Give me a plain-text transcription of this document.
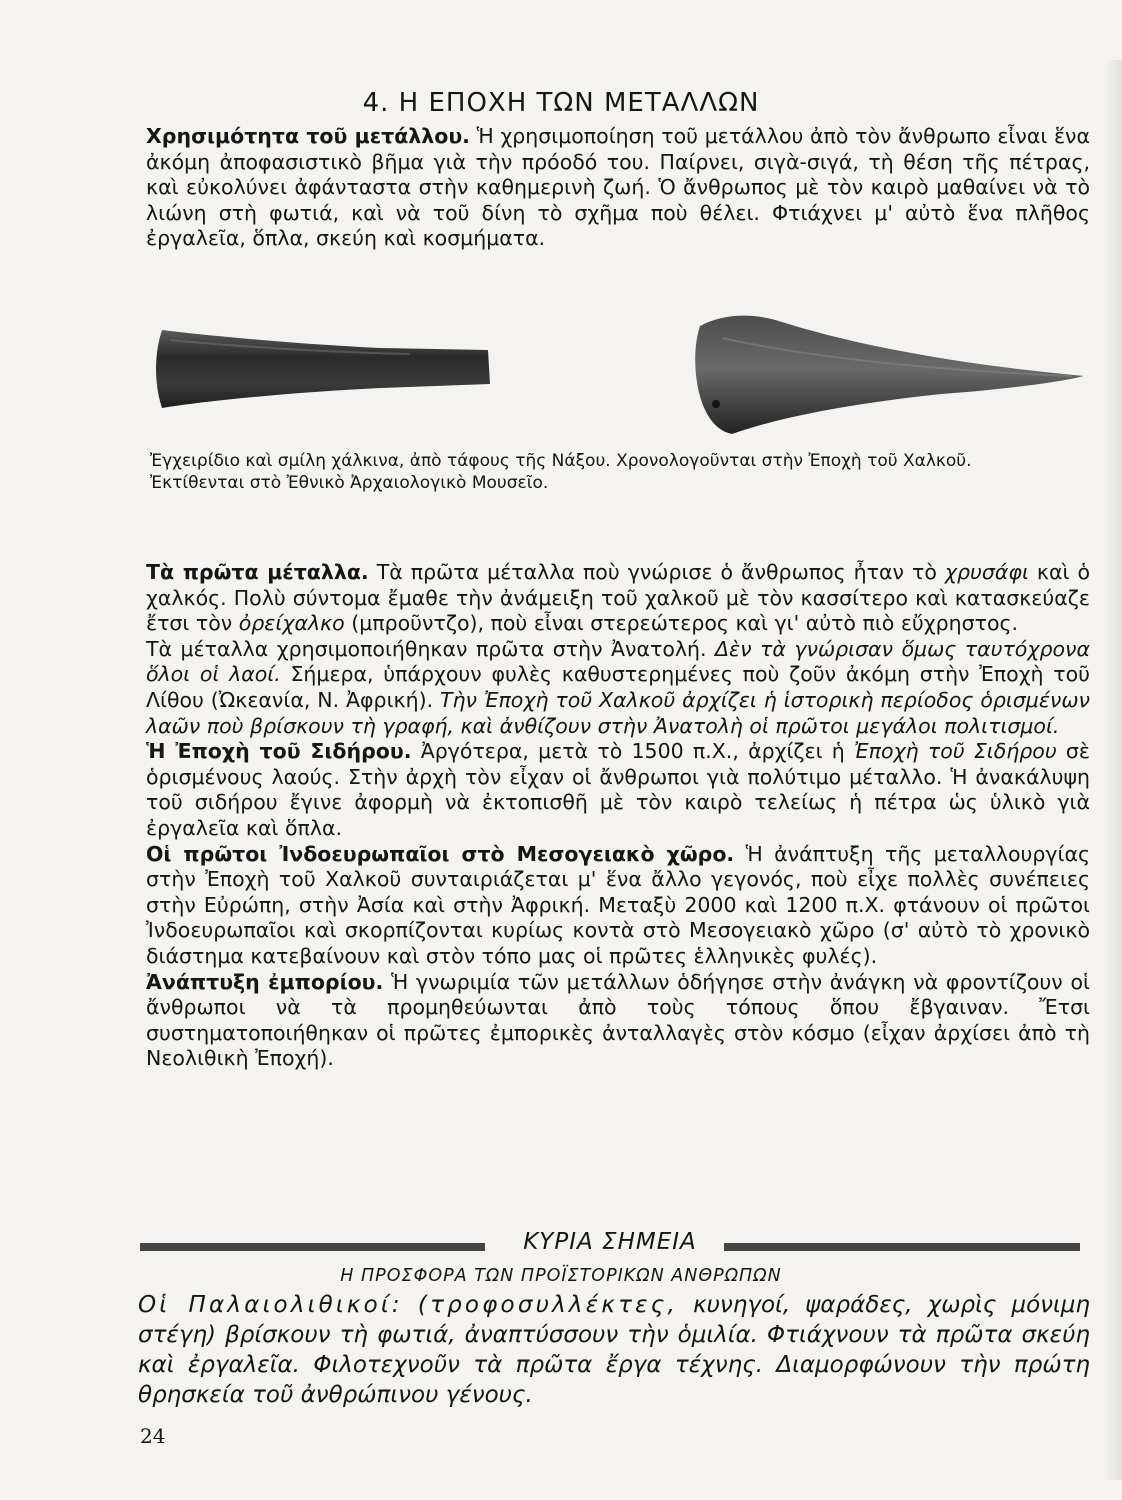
4. Η ΕΠΟΧΗ ΤΩΝ ΜΕΤΑΛΛΩΝ

Χρησιμότητα τοῦ μετάλλου. Ἡ χρησιμοποίηση τοῦ μετάλλου ἀπὸ τὸν ἄνθρωπο εἶναι ἕνα ἀκόμη ἀποφασιστικὸ βῆμα γιὰ τὴν πρόοδό του. Παίρνει, σιγὰ-σιγά, τὴ θέση τῆς πέτρας, καὶ εὐκολύνει ἀφάνταστα στὴν καθημερινὴ ζωή. Ὁ ἄνθρωπος μὲ τὸν καιρὸ μαθαίνει νὰ τὸ λιώνη στὴ φωτιά, καὶ νὰ τοῦ δίνη τὸ σχῆμα ποὺ θέλει. Φτιάχνει μ' αὐτὸ ἕνα πλῆθος ἐργαλεῖα, ὅπλα, σκεύη καὶ κοσμήματα.

Ἐγχειρίδιο καὶ σμίλη χάλκινα, ἀπὸ τάφους τῆς Νάξου. Χρονολογοῦνται στὴν Ἐποχὴ τοῦ Χαλκοῦ.
Ἐκτίθενται στὸ Ἐθνικὸ Ἀρχαιολογικὸ Μουσεῖο.

Τὰ πρῶτα μέταλλα. Τὰ πρῶτα μέταλλα ποὺ γνώρισε ὁ ἄνθρωπος ἦταν τὸ χρυσάφι καὶ ὁ χαλκός. Πολὺ σύντομα ἔμαθε τὴν ἀνάμειξη τοῦ χαλκοῦ μὲ τὸν κασσίτερο καὶ κατασκεύαζε ἔτσι τὸν ὀρείχαλκο (μπροῦντζο), ποὺ εἶναι στερεώτερος καὶ γι' αὐτὸ πιὸ εὔχρηστος.

Τὰ μέταλλα χρησιμοποιήθηκαν πρῶτα στὴν Ἀνατολή. Δὲν τὰ γνώρισαν ὅμως ταυτόχρονα ὅλοι οἱ λαοί. Σήμερα, ὑπάρχουν φυλὲς καθυστερημένες ποὺ ζοῦν ἀκόμη στὴν Ἐποχὴ τοῦ Λίθου (Ὠκεανία, Ν. Ἀφρική). Τὴν Ἐποχὴ τοῦ Χαλκοῦ ἀρχίζει ἡ ἱστορικὴ περίοδος ὁρισμένων λαῶν ποὺ βρίσκουν τὴ γραφή, καὶ ἀνθίζουν στὴν Ἀνατολὴ οἱ πρῶτοι μεγάλοι πολιτισμοί.

Ἡ Ἐποχὴ τοῦ Σιδήρου. Ἀργότερα, μετὰ τὸ 1500 π.Χ., ἀρχίζει ἡ Ἐποχὴ τοῦ Σιδήρου σὲ ὁρισμένους λαούς. Στὴν ἀρχὴ τὸν εἶχαν οἱ ἄνθρωποι γιὰ πολύτιμο μέταλλο. Ἡ ἀνακάλυψη τοῦ σιδήρου ἔγινε ἀφορμὴ νὰ ἐκτοπισθῆ μὲ τὸν καιρὸ τελείως ἡ πέτρα ὡς ὑλικὸ γιὰ ἐργαλεῖα καὶ ὅπλα.

Οἱ πρῶτοι Ἰνδοευρωπαῖοι στὸ Μεσογειακὸ χῶρο. Ἡ ἀνάπτυξη τῆς μεταλλουργίας στὴν Ἐποχὴ τοῦ Χαλκοῦ συνταιριάζεται μ' ἕνα ἄλλο γεγονός, ποὺ εἶχε πολλὲς συνέπειες στὴν Εὐρώπη, στὴν Ἀσία καὶ στὴν Ἀφρική. Μεταξὺ 2000 καὶ 1200 π.Χ. φτάνουν οἱ πρῶτοι Ἰνδοευρωπαῖοι καὶ σκορπίζονται κυρίως κοντὰ στὸ Μεσογειακὸ χῶρο (σ' αὐτὸ τὸ χρονικὸ διάστημα κατεβαίνουν καὶ στὸν τόπο μας οἱ πρῶτες ἑλληνικὲς φυλές).

Ἀνάπτυξη ἐμπορίου. Ἡ γνωριμία τῶν μετάλλων ὁδήγησε στὴν ἀνάγκη νὰ φροντίζουν οἱ ἄνθρωποι νὰ τὰ προμηθεύωνται ἀπὸ τοὺς τόπους ὅπου ἔβγαιναν. Ἔτσι συστηματοποιήθηκαν οἱ πρῶτες ἐμπορικὲς ἀνταλλαγὲς στὸν κόσμο (εἶχαν ἀρχίσει ἀπὸ τὴ Νεολιθικὴ Ἐποχή).

ΚΥΡΙΑ ΣΗΜΕΙΑ
Η ΠΡΟΣΦΟΡΑ ΤΩΝ ΠΡΟΪΣΤΟΡΙΚΩΝ ΑΝΘΡΩΠΩΝ

Οἱ Παλαιολιθικοί: (τροφοσυλλέκτες, κυνηγοί, ψαράδες, χωρὶς μόνιμη στέγη) βρίσκουν τὴ φωτιά, ἀναπτύσσουν τὴν ὁμιλία. Φτιάχνουν τὰ πρῶτα σκεύη καὶ ἐργαλεῖα. Φιλοτεχνοῦν τὰ πρῶτα ἔργα τέχνης. Διαμορφώνουν τὴν πρώτη θρησκεία τοῦ ἀνθρώπινου γένους.

24
